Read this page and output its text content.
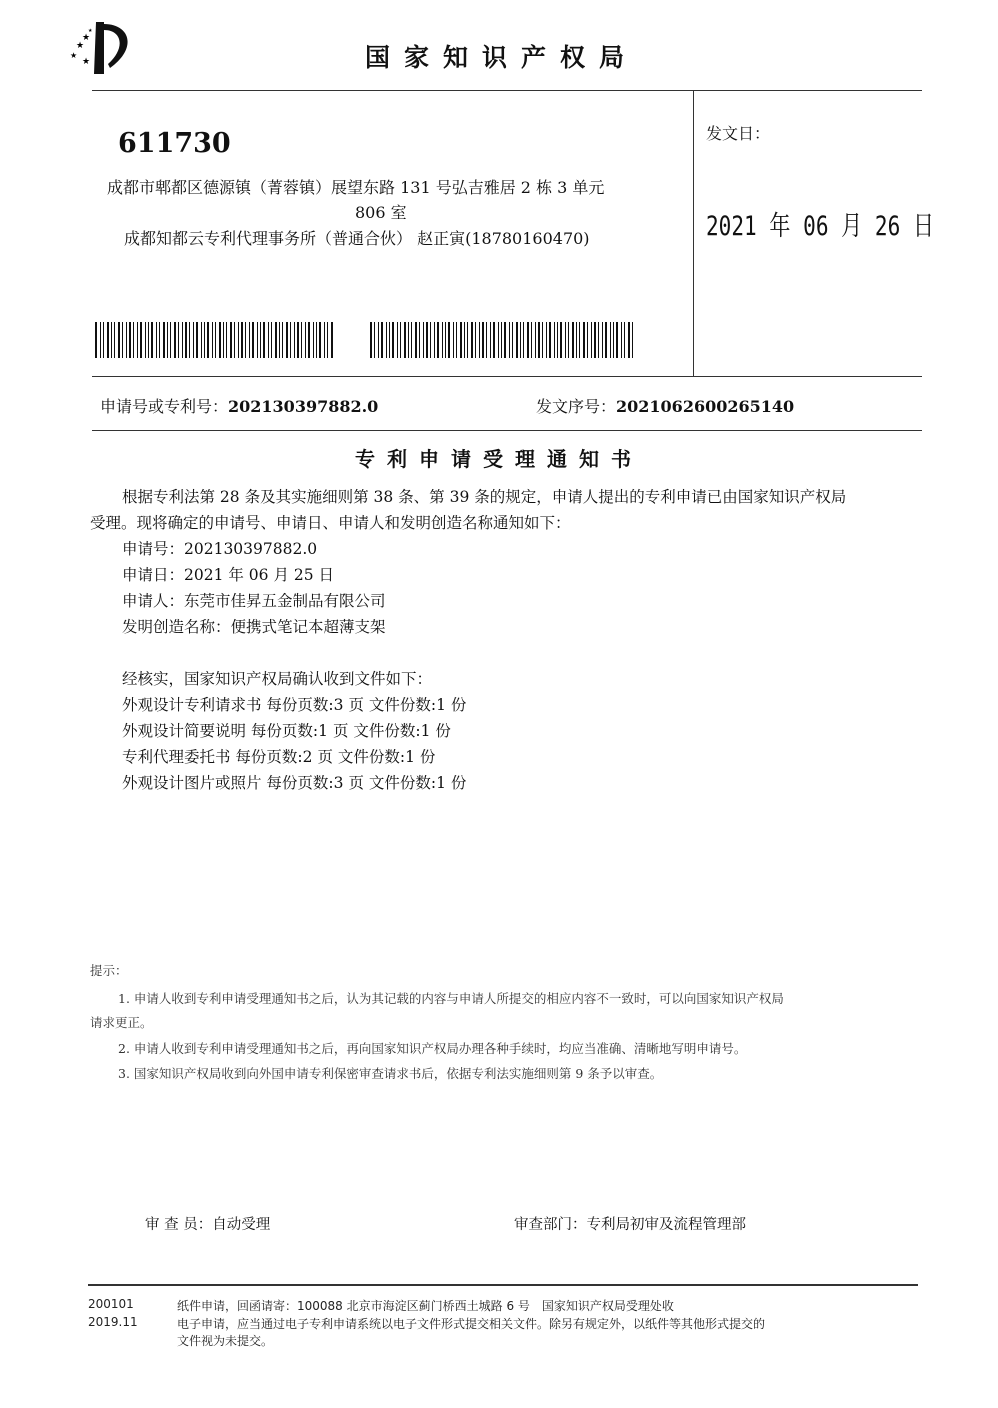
★
★
★
★
★
国家知识产权局
611730
成都市郫都区德源镇（菁蓉镇）展望东路 131 号弘吉雅居 2 栋 3 单元
806 室
成都知都云专利代理事务所（普通合伙） 赵正寅(18780160470)
发文日：
2021 年 06 月 26 日
申请号或专利号：202130397882.0	发文序号：2021062600265140
专利申请受理通知书
根据专利法第 28 条及其实施细则第 38 条、第 39 条的规定，申请人提出的专利申请已由国家知识产权局
受理。现将确定的申请号、申请日、申请人和发明创造名称通知如下：
申请号：202130397882.0
申请日：2021 年 06 月 25 日
申请人：东莞市佳昇五金制品有限公司
发明创造名称：便携式笔记本超薄支架
经核实，国家知识产权局确认收到文件如下：
外观设计专利请求书 每份页数:3 页 文件份数:1 份
外观设计简要说明 每份页数:1 页 文件份数:1 份
专利代理委托书 每份页数:2 页 文件份数:1 份
外观设计图片或照片 每份页数:3 页 文件份数:1 份
提示：
1. 申请人收到专利申请受理通知书之后，认为其记载的内容与申请人所提交的相应内容不一致时，可以向国家知识产权局
请求更正。
2. 申请人收到专利申请受理通知书之后，再向国家知识产权局办理各种手续时，均应当准确、清晰地写明申请号。
3. 国家知识产权局收到向外国申请专利保密审查请求书后，依据专利法实施细则第 9 条予以审查。
审 查 员：自动受理	审查部门：专利局初审及流程管理部
200101
2019.11
纸件申请，回函请寄：100088 北京市海淀区蓟门桥西土城路 6 号　国家知识产权局受理处收
电子申请，应当通过电子专利申请系统以电子文件形式提交相关文件。除另有规定外，以纸件等其他形式提交的
文件视为未提交。
